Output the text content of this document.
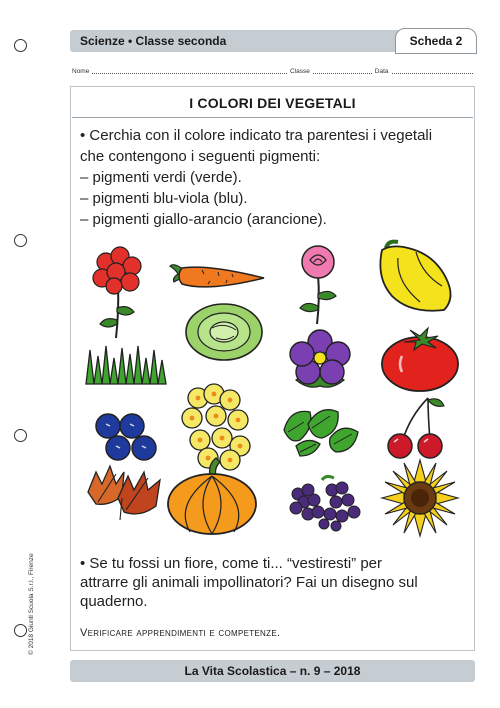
Scienze • Classe seconda	Scheda 2
Nome	Classe	Data
I COLORI DEI VEGETALI

• Cerchia con il colore indicato tra parentesi i vegetali

che contengono i seguenti pigmenti:

– pigmenti verdi (verde).

– pigmenti blu-viola (blu).

– pigmenti giallo-arancio (arancione).

• Se tu fossi un fiore, come ti... “vestiresti” per

attrarre gli animali impollinatori? Fai un disegno sul

quaderno.

Verificare apprendimenti e competenze.
© 2018 Giunti Scuola S.r.l., Firenze
La Vita Scolastica – n. 9 – 2018
